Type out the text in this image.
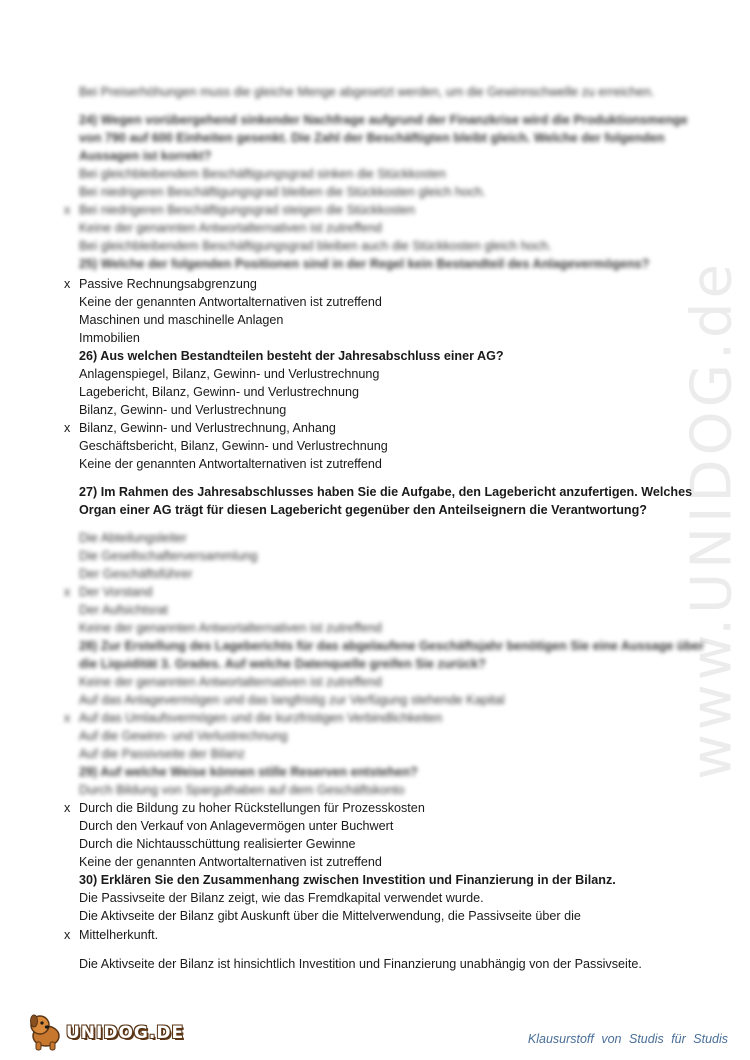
www.UNIDOG.de
Bei Preiserhöhungen muss die gleiche Menge abgesetzt werden, um die Gewinnschwelle zu erreichen.
24) Wegen vorübergehend sinkender Nachfrage aufgrund der Finanzkrise wird die Produktionsmenge
von 790 auf 600 Einheiten gesenkt. Die Zahl der Beschäftigten bleibt gleich. Welche der folgenden
Aussagen ist korrekt?
Bei gleichbleibendem Beschäftigungsgrad sinken die Stückkosten
Bei niedrigeren Beschäftigungsgrad bleiben die Stückkosten gleich hoch.
x Bei niedrigeren Beschäftigungsgrad steigen die Stückkosten
Keine der genannten Antwortalternativen ist zutreffend
Bei gleichbleibendem Beschäftigungsgrad bleiben auch die Stückkosten gleich hoch.
25) Welche der folgenden Positionen sind in der Regel kein Bestandteil des Anlagevermögens?
x Passive Rechnungsabgrenzung
Keine der genannten Antwortalternativen ist zutreffend
Maschinen und maschinelle Anlagen
Immobilien
26) Aus welchen Bestandteilen besteht der Jahresabschluss einer AG?
Anlagenspiegel, Bilanz, Gewinn- und Verlustrechnung
Lagebericht, Bilanz, Gewinn- und Verlustrechnung
Bilanz, Gewinn- und Verlustrechnung
x Bilanz, Gewinn- und Verlustrechnung, Anhang
Geschäftsbericht, Bilanz, Gewinn- und Verlustrechnung
Keine der genannten Antwortalternativen ist zutreffend
27) Im Rahmen des Jahresabschlusses haben Sie die Aufgabe, den Lagebericht anzufertigen. Welches
Organ einer AG trägt für diesen Lagebericht gegenüber den Anteilseignern die Verantwortung?
Die Abteilungsleiter
Die Gesellschafterversammlung
Der Geschäftsführer
x Der Vorstand
Der Aufsichtsrat
Keine der genannten Antwortalternativen ist zutreffend
28) Zur Erstellung des Lageberichts für das abgelaufene Geschäftsjahr benötigen Sie eine Aussage über
die Liquidität 3. Grades. Auf welche Datenquelle greifen Sie zurück?
Keine der genannten Antwortalternativen ist zutreffend
Auf das Anlagevermögen und das langfristig zur Verfügung stehende Kapital
x Auf das Umlaufsvermögen und die kurzfristigen Verbindlichkeiten
Auf die Gewinn- und Verlustrechnung
Auf die Passivseite der Bilanz
29) Auf welche Weise können stille Reserven entstehen?
Durch Bildung von Sparguthaben auf dem Geschäftskonto
x Durch die Bildung zu hoher Rückstellungen für Prozesskosten
Durch den Verkauf von Anlagevermögen unter Buchwert
Durch die Nichtausschüttung realisierter Gewinne
Keine der genannten Antwortalternativen ist zutreffend
30) Erklären Sie den Zusammenhang zwischen Investition und Finanzierung in der Bilanz.
Die Passivseite der Bilanz zeigt, wie das Fremdkapital verwendet wurde.
Die Aktivseite der Bilanz gibt Auskunft über die Mittelverwendung, die Passivseite über die
x Mittelherkunft.
Die Aktivseite der Bilanz ist hinsichtlich Investition und Finanzierung unabhängig von der Passivseite.
UNIDOG.DE	Klausurstoff von Studis für Studis
